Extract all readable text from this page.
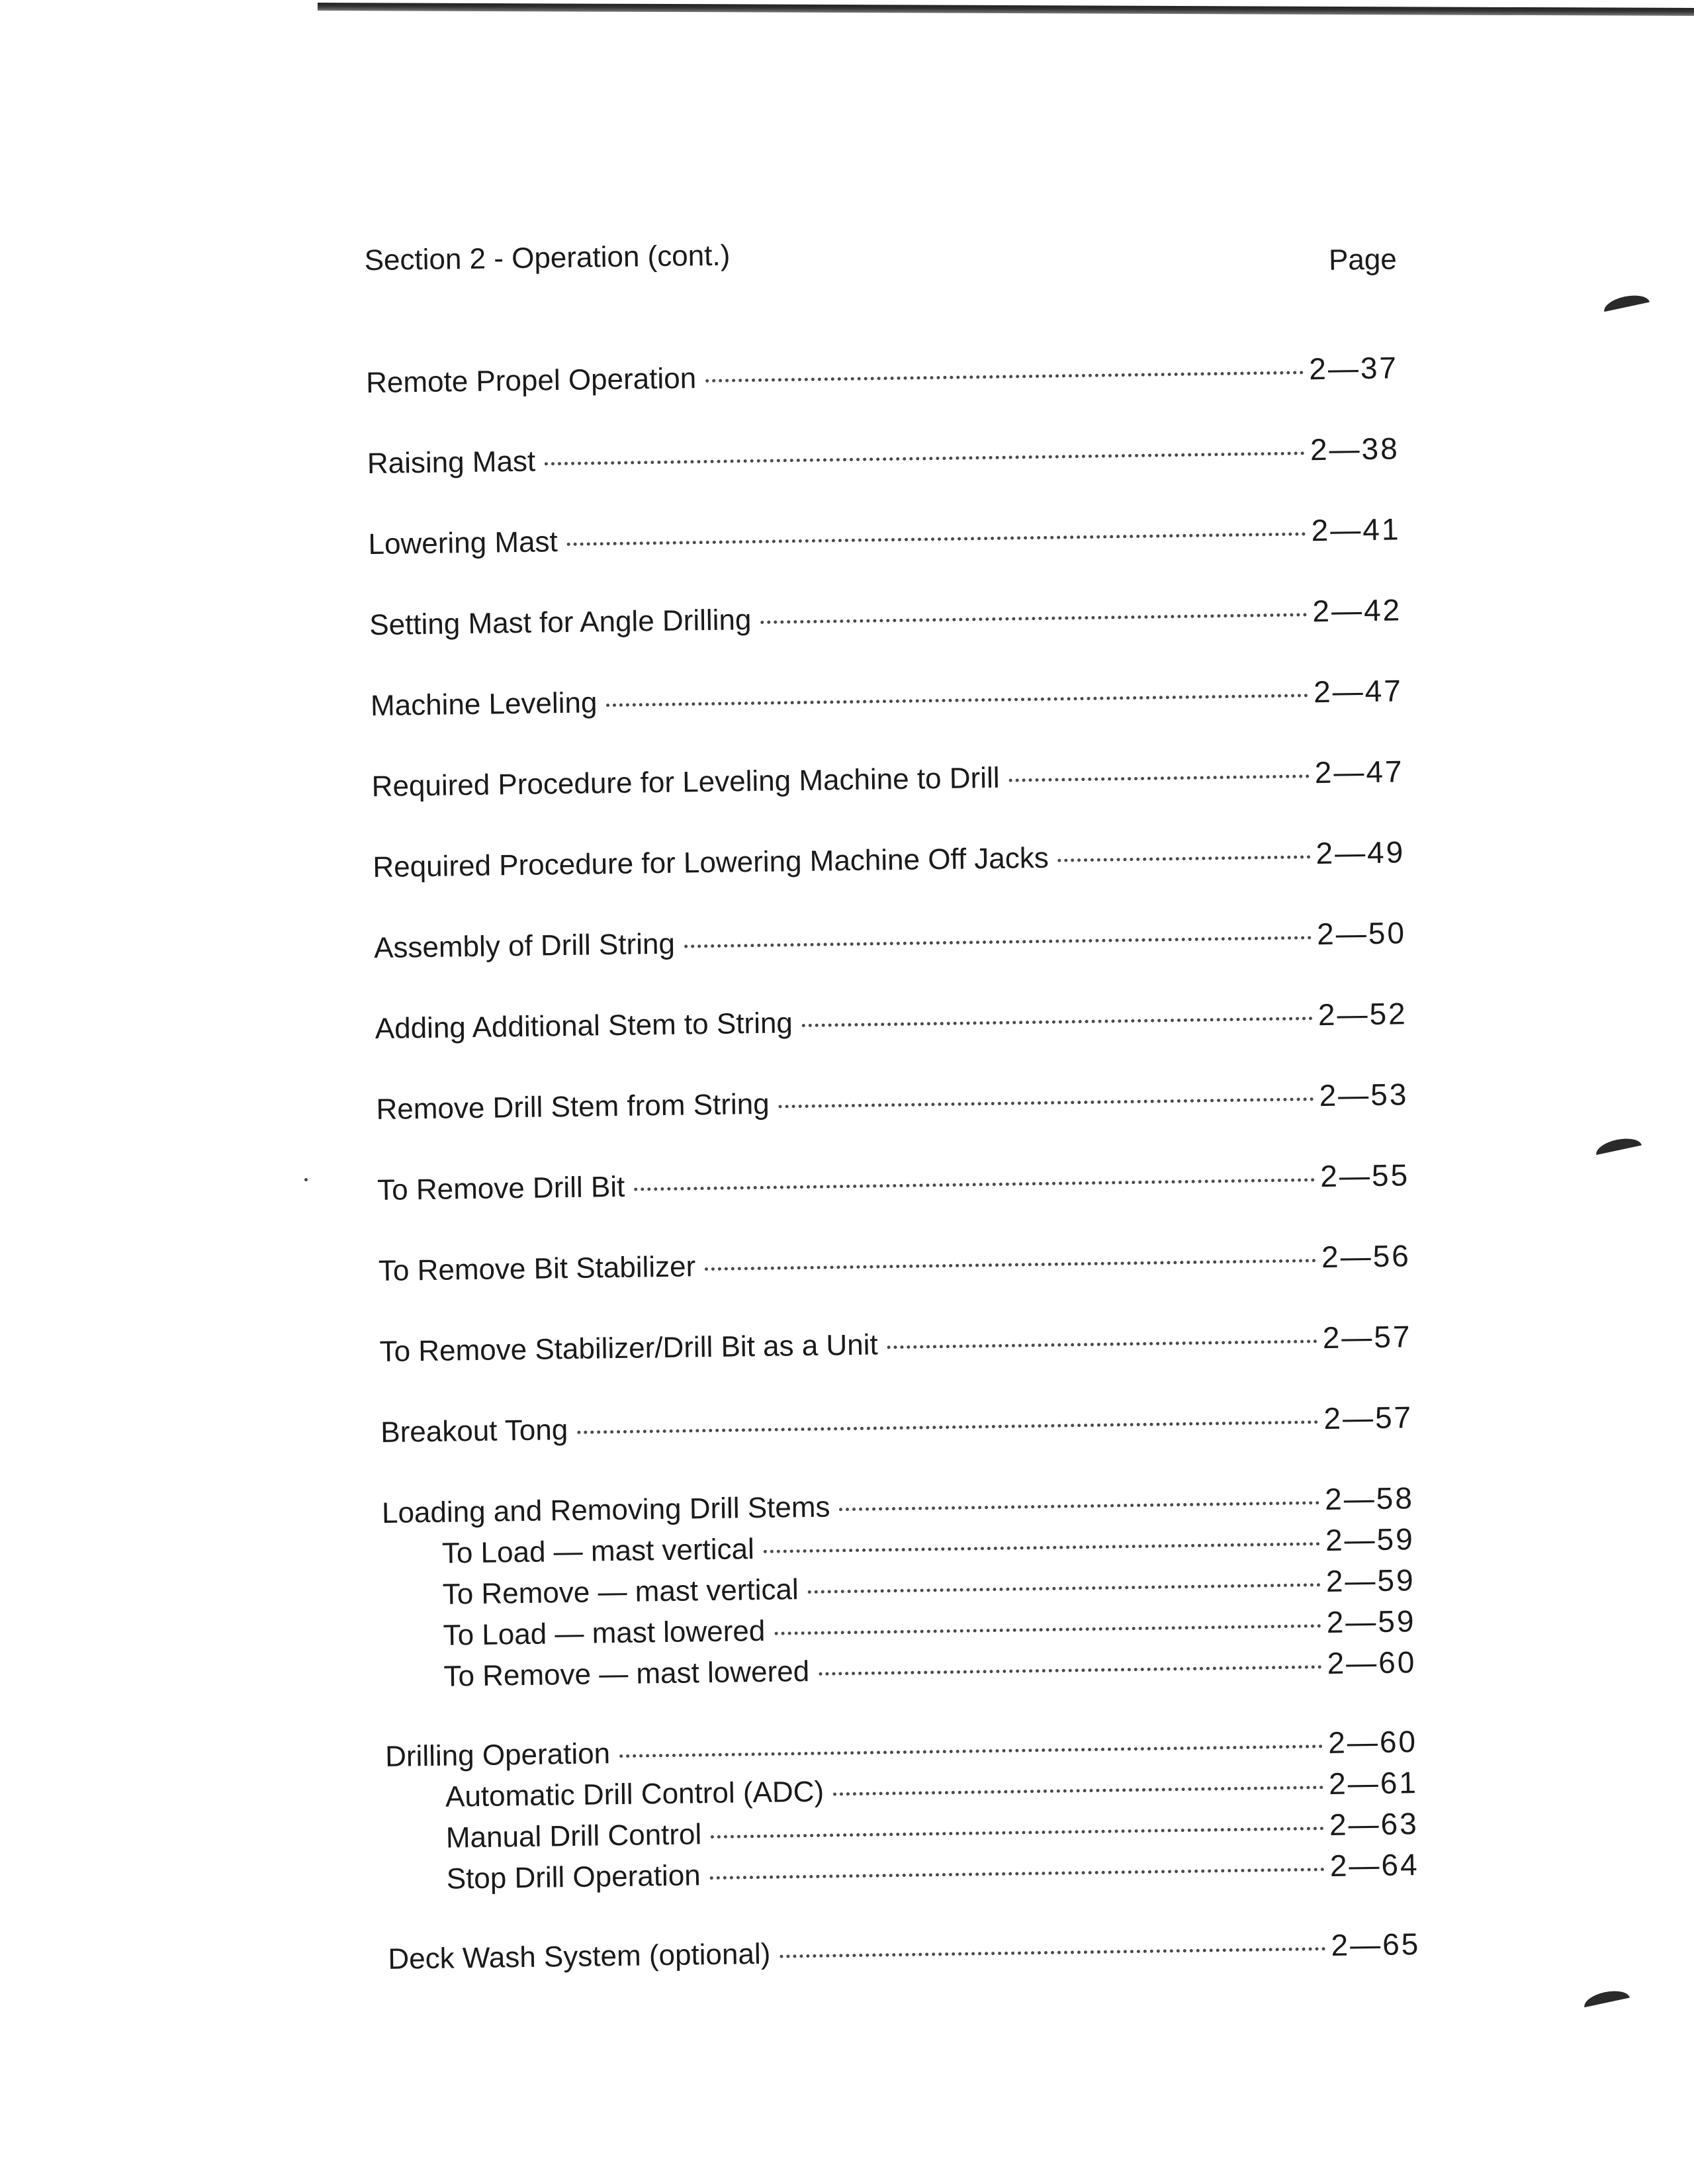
Section 2 - Operation (cont.)	Page
Remote Propel Operation	2—37
Raising Mast	2—38
Lowering Mast	2—41
Setting Mast for Angle Drilling	2—42
Machine Leveling	2—47
Required Procedure for Leveling Machine to Drill	2—47
Required Procedure for Lowering Machine Off Jacks	2—49
Assembly of Drill String	2—50
Adding Additional Stem to String	2—52
Remove Drill Stem from String	2—53
To Remove Drill Bit	2—55
To Remove Bit Stabilizer	2—56
To Remove Stabilizer/Drill Bit as a Unit	2—57
Breakout Tong	2—57
Loading and Removing Drill Stems	2—58
To Load — mast vertical	2—59
To Remove — mast vertical	2—59
To Load — mast lowered	2—59
To Remove — mast lowered	2—60
Drilling Operation	2—60
Automatic Drill Control (ADC)	2—61
Manual Drill Control	2—63
Stop Drill Operation	2—64
Deck Wash System (optional)	2—65
